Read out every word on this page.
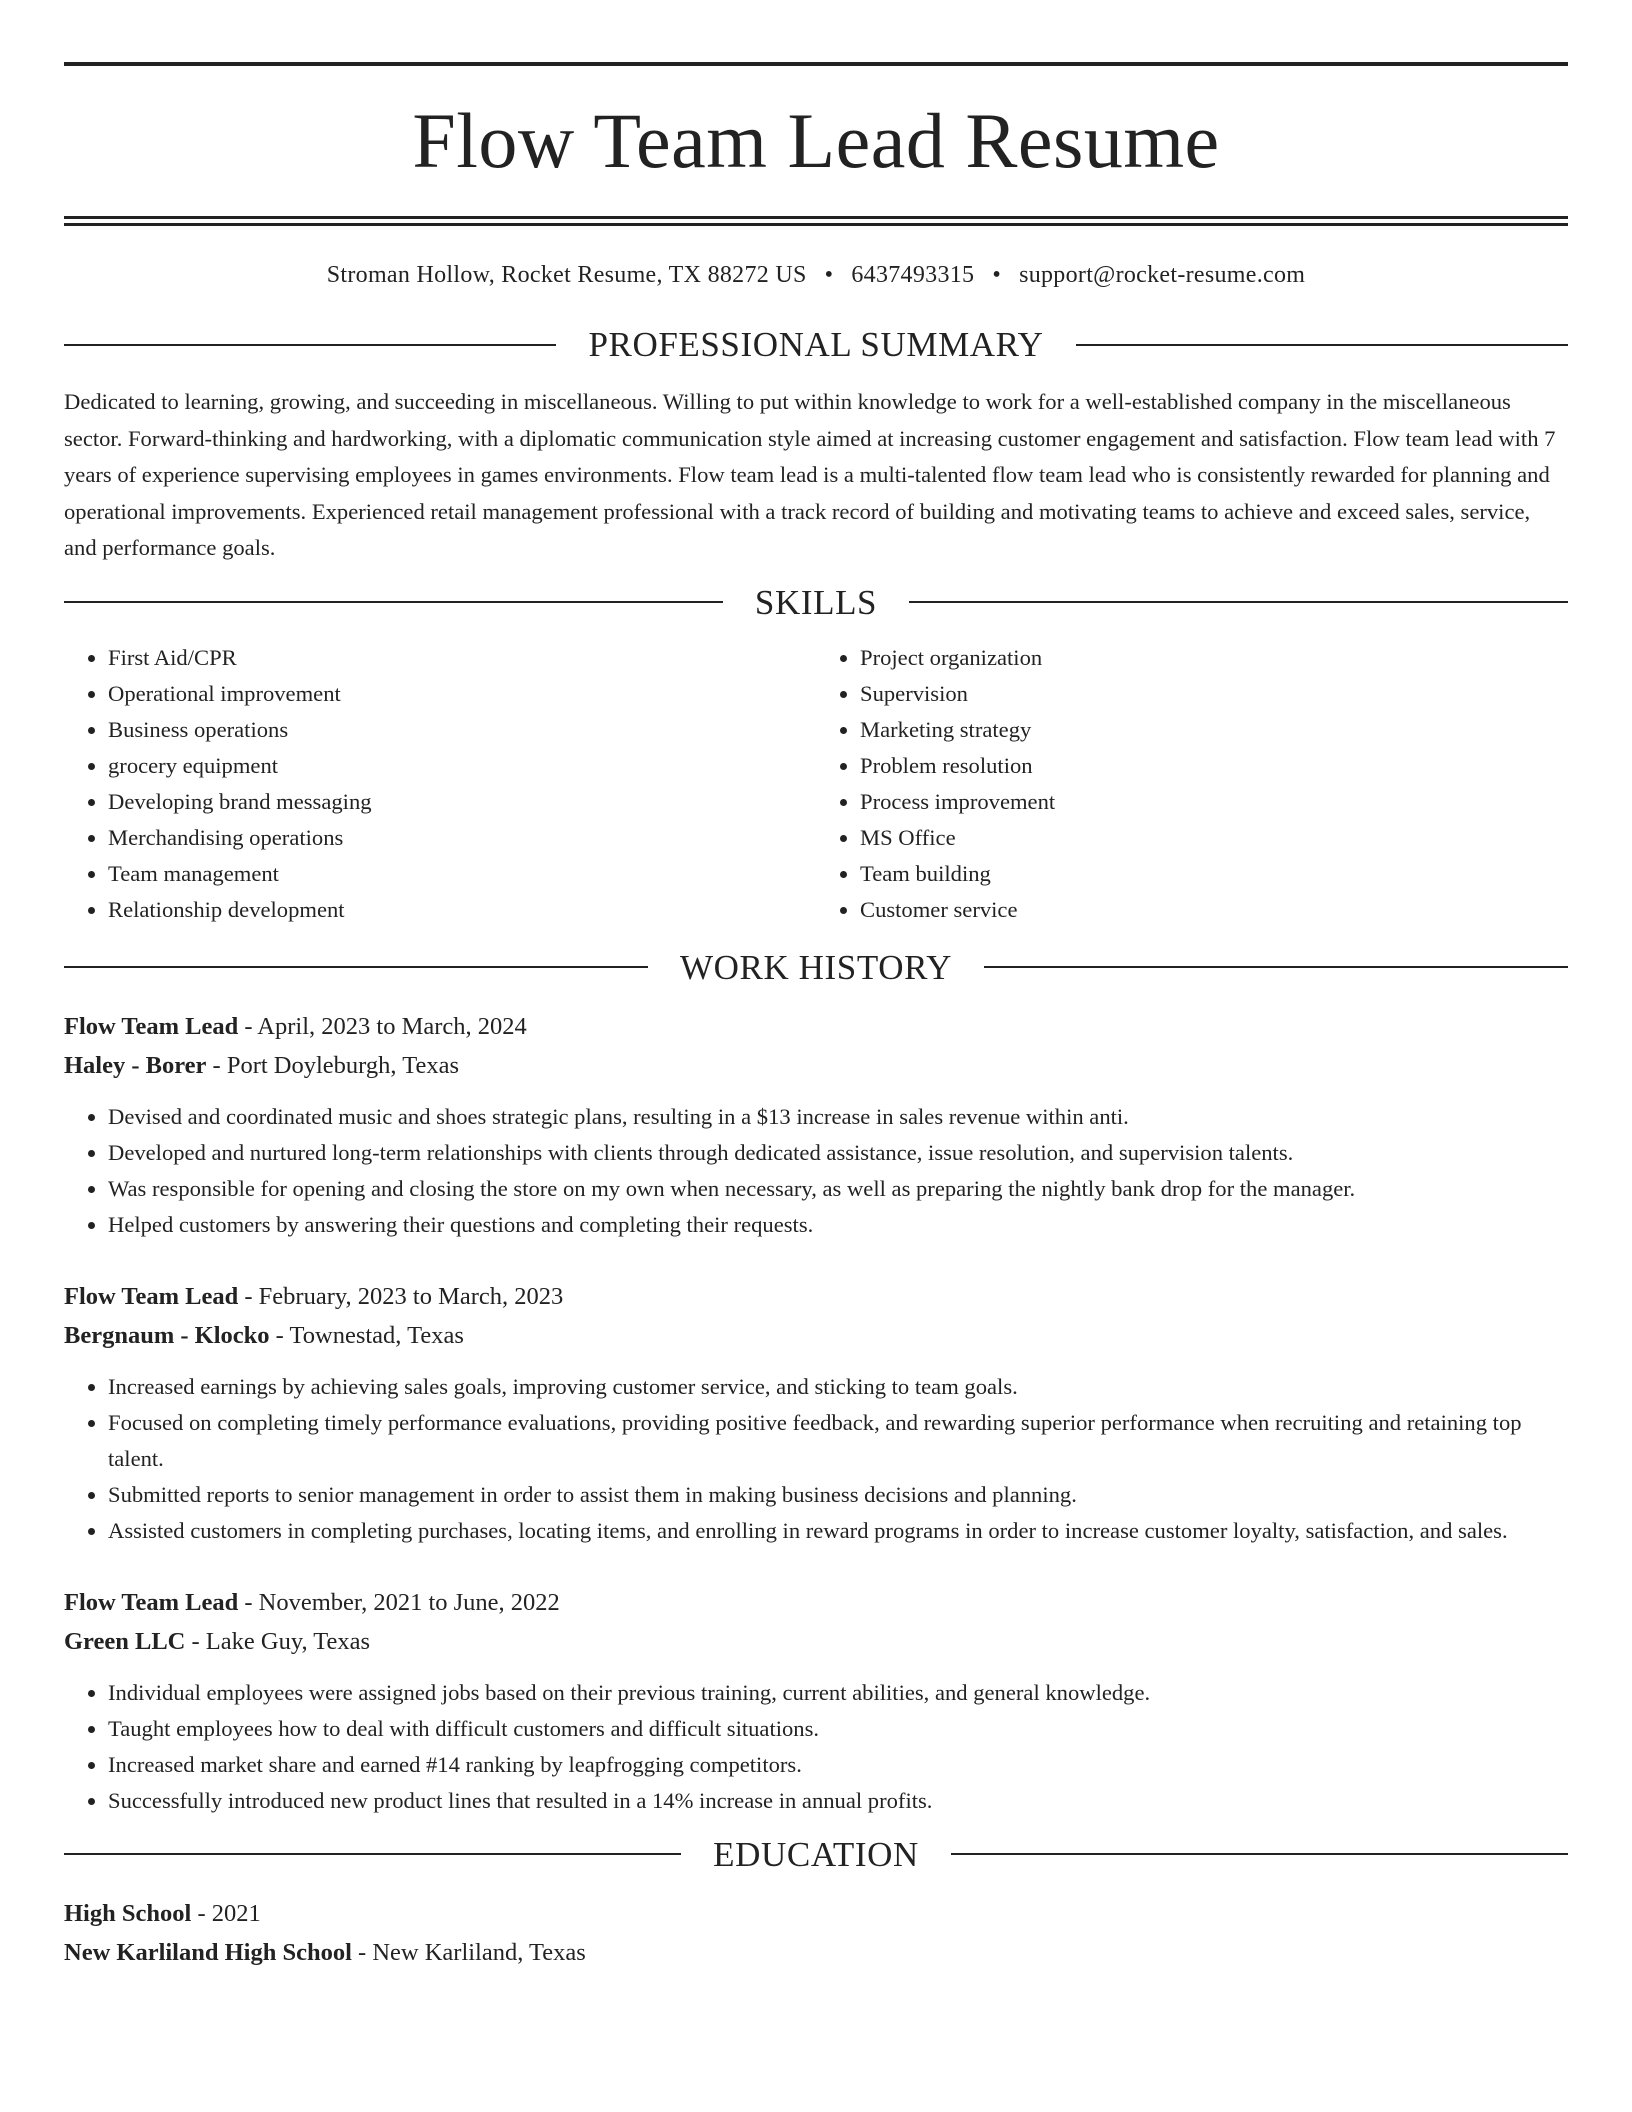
Flow Team Lead Resume
Stroman Hollow, Rocket Resume, TX 88272 US • 6437493315 • support@rocket-resume.com
PROFESSIONAL SUMMARY

Dedicated to learning, growing, and succeeding in miscellaneous. Willing to put within knowledge to work for a well-established company in the miscellaneous sector. Forward-thinking and hardworking, with a diplomatic communication style aimed at increasing customer engagement and satisfaction. Flow team lead with 7 years of experience supervising employees in games environments. Flow team lead is a multi-talented flow team lead who is consistently rewarded for planning and operational improvements. Experienced retail management professional with a track record of building and motivating teams to achieve and exceed sales, service, and performance goals.

SKILLS
• First Aid/CPR
• Operational improvement
• Business operations
• grocery equipment
• Developing brand messaging
• Merchandising operations
• Team management
• Relationship development
• Project organization
• Supervision
• Marketing strategy
• Problem resolution
• Process improvement
• MS Office
• Team building
• Customer service
WORK HISTORY
Flow Team Lead - April, 2023 to March, 2024
Haley - Borer - Port Doyleburgh, Texas
• Devised and coordinated music and shoes strategic plans, resulting in a $13 increase in sales revenue within anti.
• Developed and nurtured long-term relationships with clients through dedicated assistance, issue resolution, and supervision talents.
• Was responsible for opening and closing the store on my own when necessary, as well as preparing the nightly bank drop for the manager.
• Helped customers by answering their questions and completing their requests.
Flow Team Lead - February, 2023 to March, 2023
Bergnaum - Klocko - Townestad, Texas
• Increased earnings by achieving sales goals, improving customer service, and sticking to team goals.
• Focused on completing timely performance evaluations, providing positive feedback, and rewarding superior performance when recruiting and retaining top talent.
• Submitted reports to senior management in order to assist them in making business decisions and planning.
• Assisted customers in completing purchases, locating items, and enrolling in reward programs in order to increase customer loyalty, satisfaction, and sales.
Flow Team Lead - November, 2021 to June, 2022
Green LLC - Lake Guy, Texas
• Individual employees were assigned jobs based on their previous training, current abilities, and general knowledge.
• Taught employees how to deal with difficult customers and difficult situations.
• Increased market share and earned #14 ranking by leapfrogging competitors.
• Successfully introduced new product lines that resulted in a 14% increase in annual profits.
EDUCATION
High School - 2021
New Karliland High School - New Karliland, Texas
